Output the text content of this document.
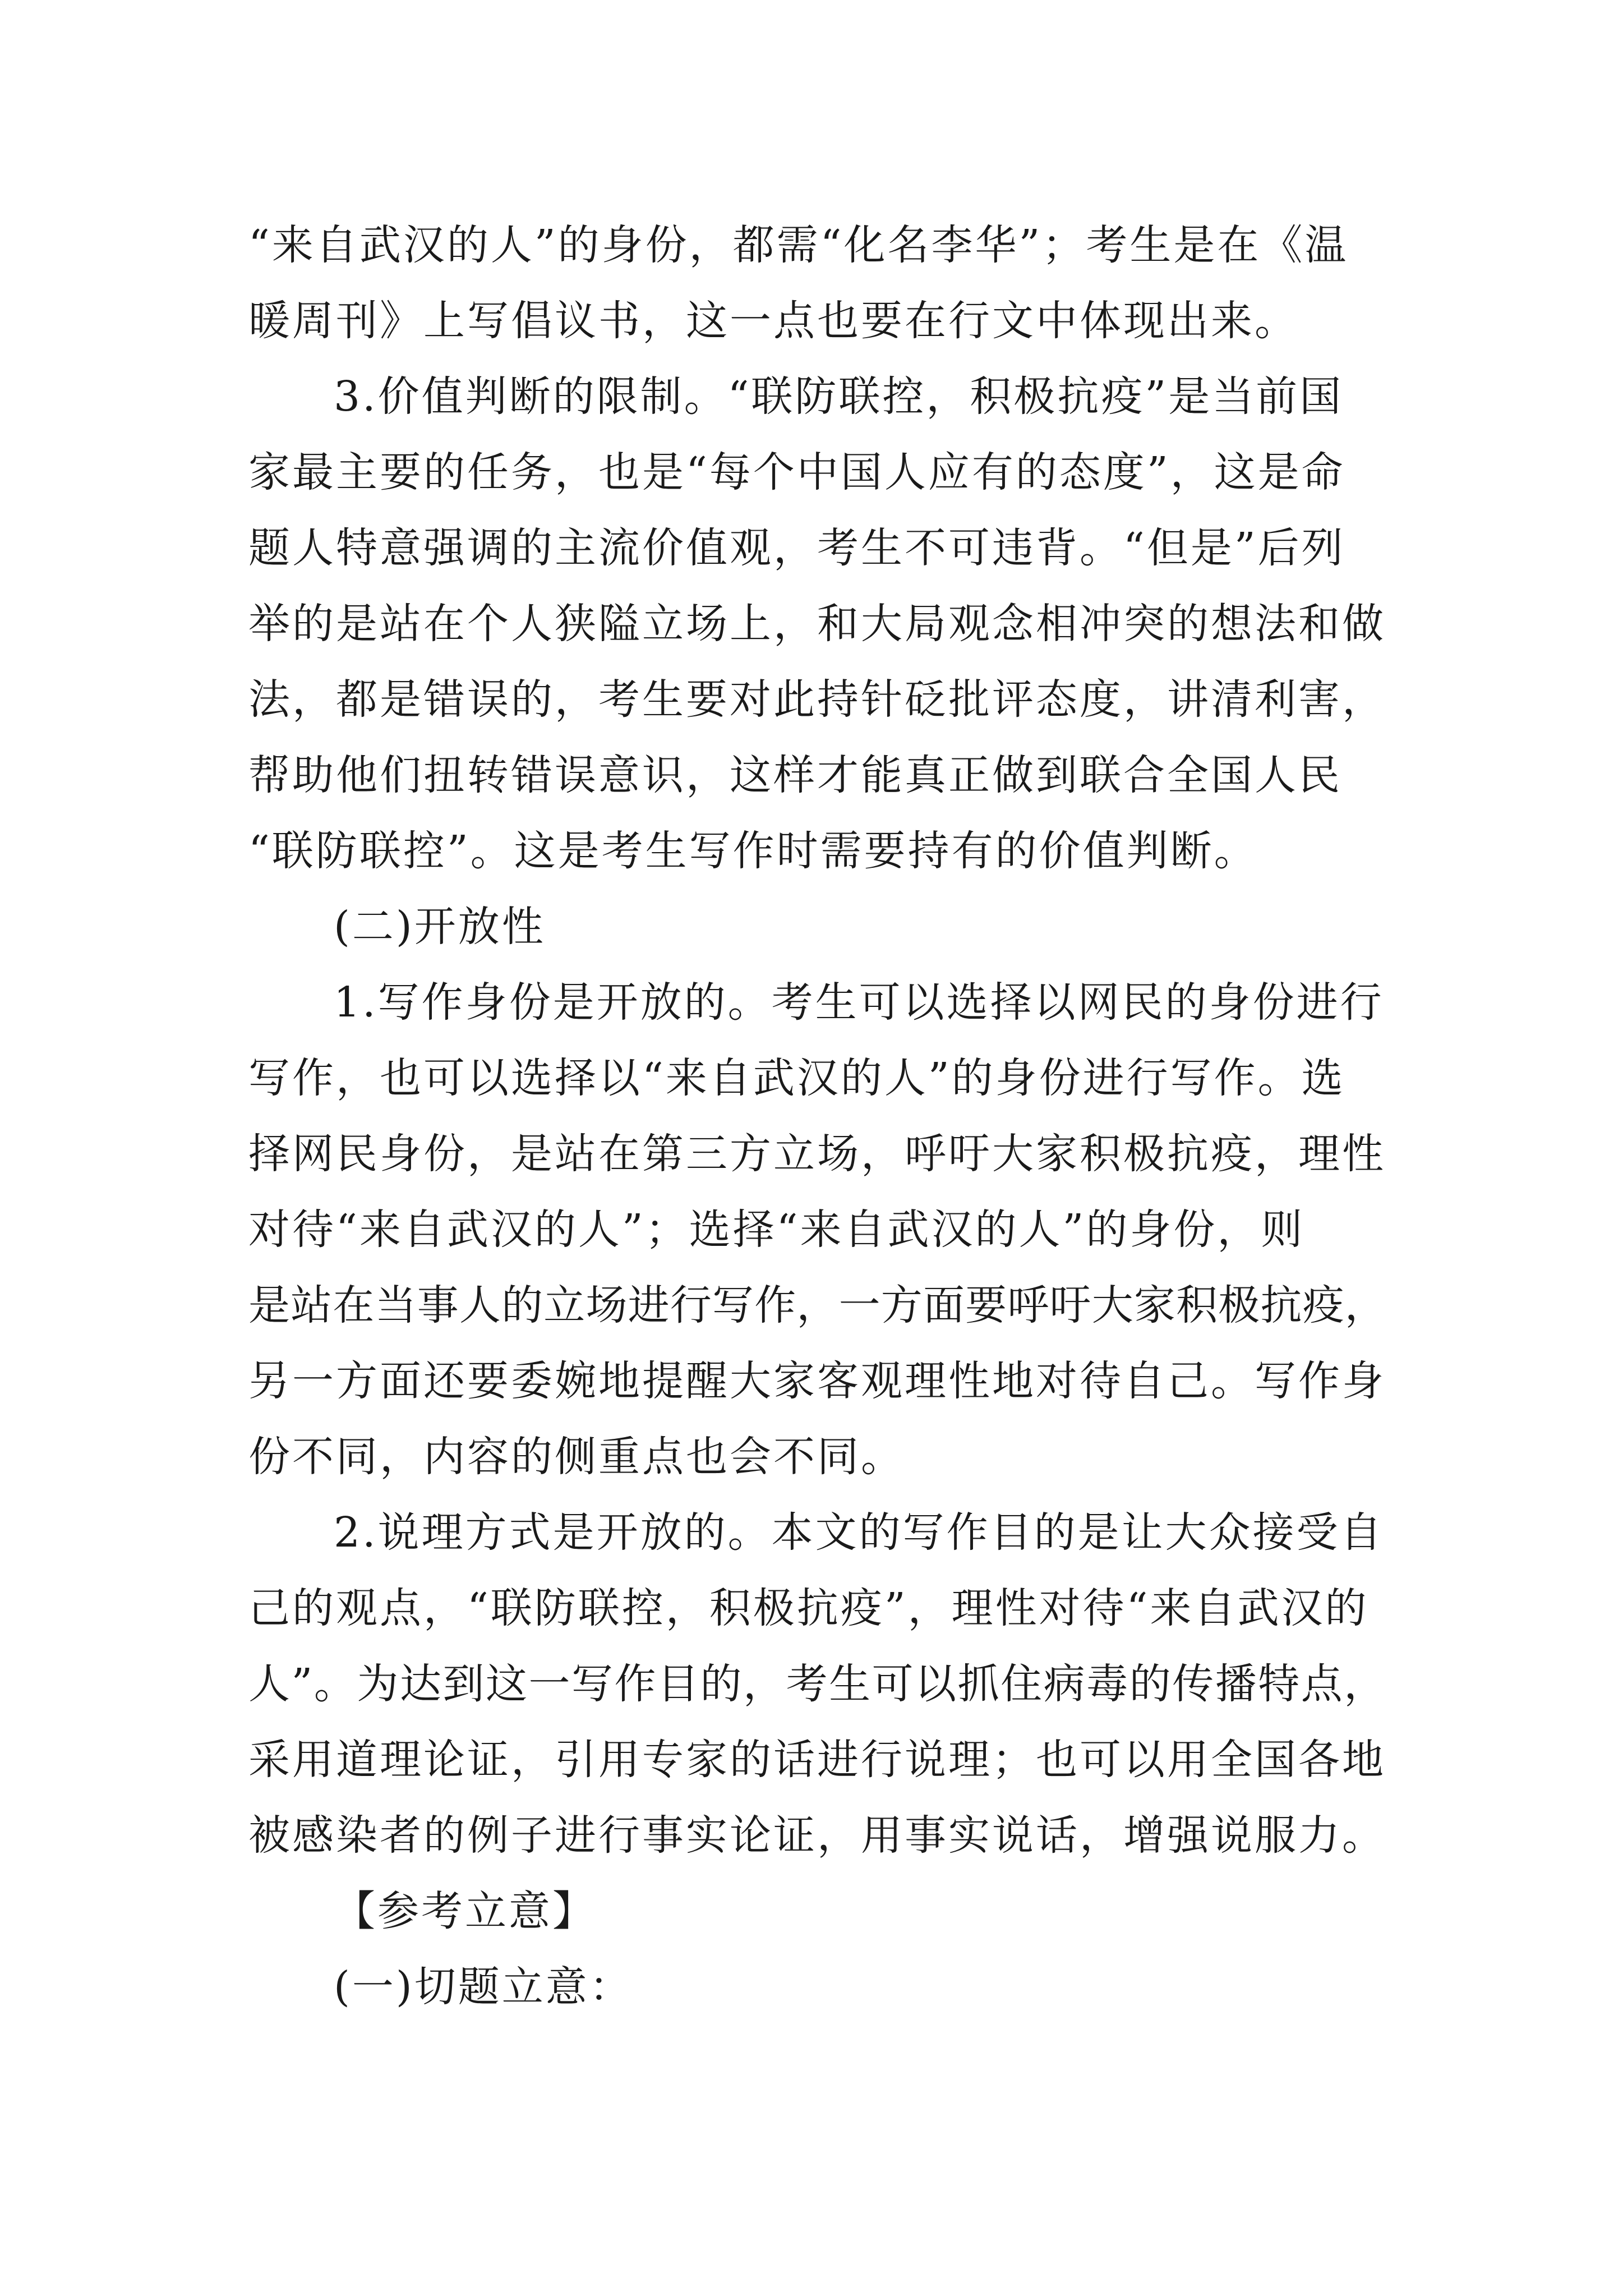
“来自武汉的人”的身份，都需“化名李华”；考生是在《温
暖周刊》上写倡议书，这一点也要在行文中体现出来。
3.价值判断的限制。“联防联控，积极抗疫”是当前国
家最主要的任务，也是“每个中国人应有的态度”，这是命
题人特意强调的主流价值观，考生不可违背。“但是”后列
举的是站在个人狭隘立场上，和大局观念相冲突的想法和做
法，都是错误的，考生要对此持针砭批评态度，讲清利害，
帮助他们扭转错误意识，这样才能真正做到联合全国人民
“联防联控”。这是考生写作时需要持有的价值判断。
(二)开放性
1.写作身份是开放的。考生可以选择以网民的身份进行
写作，也可以选择以“来自武汉的人”的身份进行写作。选
择网民身份，是站在第三方立场，呼吁大家积极抗疫，理性
对待“来自武汉的人”；选择“来自武汉的人”的身份，则
是站在当事人的立场进行写作，一方面要呼吁大家积极抗疫，
另一方面还要委婉地提醒大家客观理性地对待自己。写作身
份不同，内容的侧重点也会不同。
2.说理方式是开放的。本文的写作目的是让大众接受自
己的观点，“联防联控，积极抗疫”，理性对待“来自武汉的
人”。为达到这一写作目的，考生可以抓住病毒的传播特点，
采用道理论证，引用专家的话进行说理；也可以用全国各地
被感染者的例子进行事实论证，用事实说话，增强说服力。
【参考立意】
(一)切题立意：
